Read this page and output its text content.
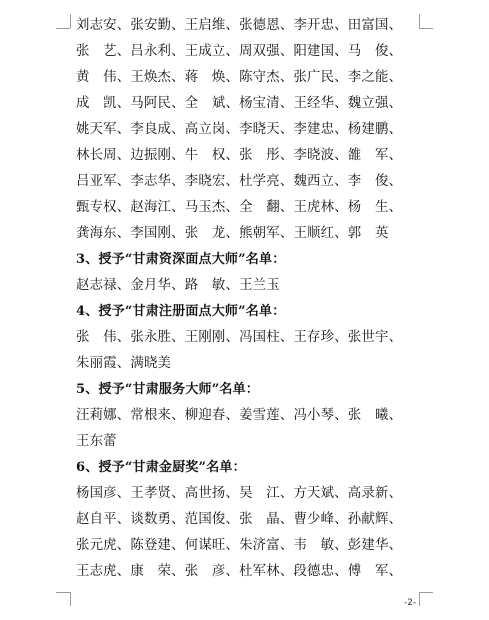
刘志安、张安勤、王启维、张德恩、李开忠、田富国、
张　艺、吕永利、王成立、周双强、阳建国、马　俊、
黄　伟、王焕杰、蒋　焕、陈守杰、张广民、李之能、
成　凯、马阿民、全　斌、杨宝清、王经华、魏立强、
姚天军、李良成、高立岗、李晓天、李建忠、杨建鹏、
林长周、边振刚、牛　权、张　彤、李晓波、雒　军、
吕亚军、李志华、李晓宏、杜学亮、魏西立、李　俊、
甄专权、赵海江、马玉杰、全　翻、王虎林、杨　生、
龚海东、李国刚、张　龙、熊朝军、王顺红、郭　英
3、授予“甘肃资深面点大师”名单：
赵志禄、金月华、路　敏、王兰玉
4、授予“甘肃注册面点大师”名单：
张　伟、张永胜、王刚刚、冯国柱、王存珍、张世宇、
朱丽霞、满晓美
5、授予“甘肃服务大师”名单：
汪莉娜、常根来、柳迎春、姜雪莲、冯小琴、张　曦、
王东蕾
6、授予“甘肃金厨奖”名单：
杨国彦、王孝贤、高世扬、吴　江、方天斌、高录新、
赵自平、谈数勇、范国俊、张　晶、曹少峰、孙献辉、
张元虎、陈登建、何谋旺、朱济富、韦　敏、彭建华、
王志虎、康　荣、张　彦、杜军林、段德忠、傅　军、
-2-
